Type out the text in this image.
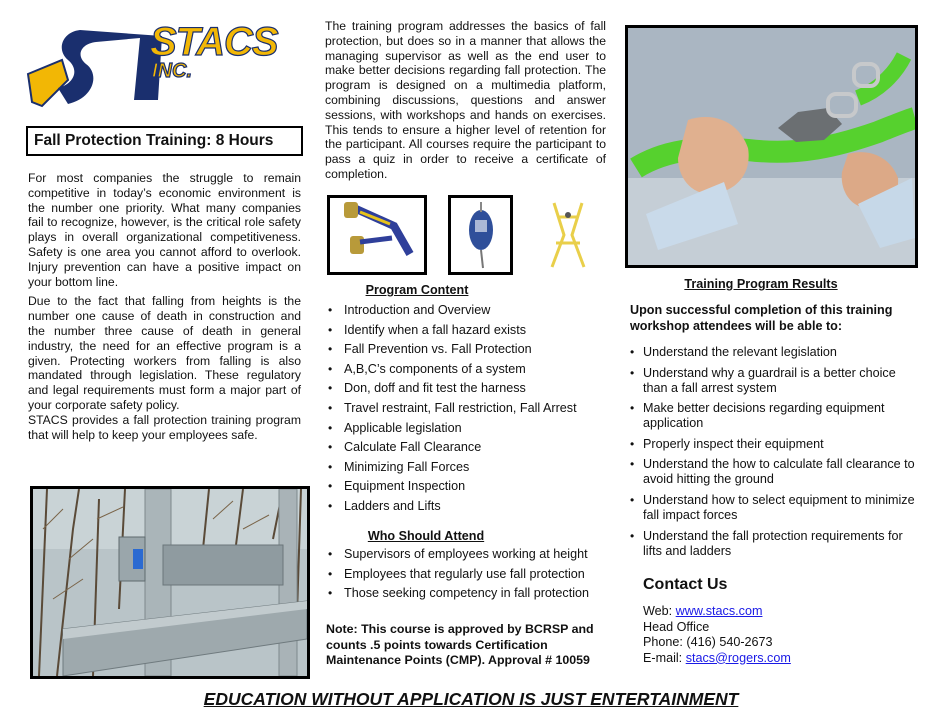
STACS
INC.
Fall Protection Training: 8 Hours

For most companies the struggle to remain competitive in today’s economic environment is the number one priority. What many companies fail to recognize, however, is the critical role safety plays in overall organizational competitiveness. Safety is one area you cannot afford to overlook. Injury prevention can have a positive impact on your bottom line.

Due to the fact that falling from heights is the number one cause of death in construction and the number three cause of death in general industry, the need for an effective program is a given. Protecting workers from falling is also mandated through legislation. These regulatory and legal requirements must form a major part of your corporate safety policy.

STACS provides a fall protection training program that will help to keep your employees safe.

The training program addresses the basics of fall protection, but does so in a manner that allows the managing supervisor as well as the end user to make better decisions regarding fall protection. The program is designed on a multimedia platform, combining discussions, questions and answer sessions, with workshops and hands on exercises. This tends to ensure a higher level of retention for the participant. All courses require the participant to pass a quiz in order to receive a certificate of completion.

Program Content
• Introduction and Overview
• Identify when a fall hazard exists
• Fall Prevention vs. Fall Protection
• A,B,C’s components of a system
• Don, doff and fit test the harness
• Travel restraint, Fall restriction, Fall Arrest
• Applicable legislation
• Calculate Fall Clearance
• Minimizing Fall Forces
• Equipment Inspection
• Ladders and Lifts
Who Should Attend
• Supervisors of employees working at height
• Employees that regularly use fall protection
• Those seeking competency in fall protection

Note: This course is approved by BCRSP and counts .5 points towards Certification Maintenance Points (CMP). Approval # 10059

Training Program Results

Upon successful completion of this training workshop attendees will be able to:

• Understand the relevant legislation
• Understand why a guardrail is a better choice than a fall arrest system
• Make better decisions regarding equipment application
• Properly inspect their equipment
• Understand the how to calculate fall clearance to avoid hitting the ground
• Understand how to select equipment to minimize fall impact forces
• Understand the fall protection requirements for lifts and ladders
Contact Us
Web: www.stacs.com
Head Office
Phone: (416) 540-2673
E-mail: stacs@rogers.com
EDUCATION WITHOUT APPLICATION IS JUST ENTERTAINMENT
